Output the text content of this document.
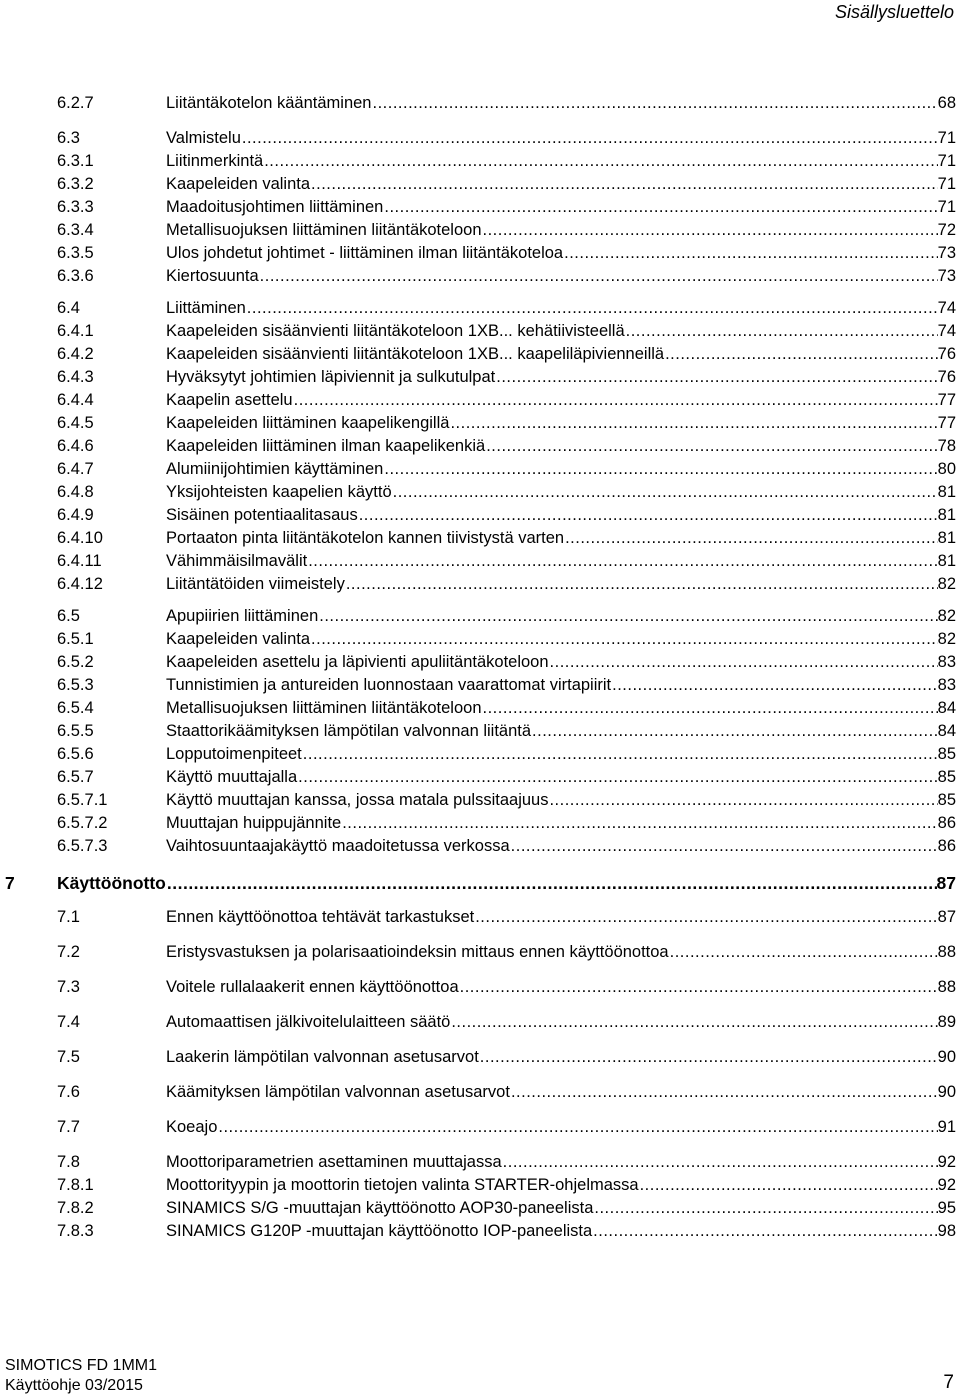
Sisällysluettelo
6.2.7	Liitäntäkotelon kääntäminen .....	68
6.3	Valmistelu .....	71
6.3.1	Liitinmerkintä .....	71
6.3.2	Kaapeleiden valinta .....	71
6.3.3	Maadoitusjohtimen liittäminen .....	71
6.3.4	Metallisuojuksen liittäminen liitäntäkoteloon .....	72
6.3.5	Ulos johdetut johtimet - liittäminen ilman liitäntäkoteloa .....	73
6.3.6	Kiertosuunta .....	73
6.4	Liittäminen .....	74
6.4.1	Kaapeleiden sisäänvienti liitäntäkoteloon 1XB... kehätiivisteellä .....	74
6.4.2	Kaapeleiden sisäänvienti liitäntäkoteloon 1XB... kaapeliläpivienneillä .....	76
6.4.3	Hyväksytyt johtimien läpiviennit ja sulkutulpat .....	76
6.4.4	Kaapelin asettelu .....	77
6.4.5	Kaapeleiden liittäminen kaapelikengillä .....	77
6.4.6	Kaapeleiden liittäminen ilman kaapelikenkiä .....	78
6.4.7	Alumiinijohtimien käyttäminen .....	80
6.4.8	Yksijohteisten kaapelien käyttö .....	81
6.4.9	Sisäinen potentiaalitasaus .....	81
6.4.10	Portaaton pinta liitäntäkotelon kannen tiivistystä varten .....	81
6.4.11	Vähimmäisilmavälit .....	81
6.4.12	Liitäntätöiden viimeistely .....	82
6.5	Apupiirien liittäminen .....	82
6.5.1	Kaapeleiden valinta .....	82
6.5.2	Kaapeleiden asettelu ja läpivienti apuliitäntäkoteloon .....	83
6.5.3	Tunnistimien ja antureiden luonnostaan vaarattomat virtapiirit .....	83
6.5.4	Metallisuojuksen liittäminen liitäntäkoteloon .....	84
6.5.5	Staattorikäämityksen lämpötilan valvonnan liitäntä .....	84
6.5.6	Lopputoimenpiteet .....	85
6.5.7	Käyttö muuttajalla .....	85
6.5.7.1	Käyttö muuttajan kanssa, jossa matala pulssitaajuus .....	85
6.5.7.2	Muuttajan huippujännite .....	86
6.5.7.3	Vaihtosuuntaajakäyttö maadoitetussa verkossa .....	86
7 Käyttöönotto .....	87
7.1	Ennen käyttöönottoa tehtävät tarkastukset .....	87
7.2	Eristysvastuksen ja polarisaatioindeksin mittaus ennen käyttöönottoa .....	88
7.3	Voitele rullalaakerit ennen käyttöönottoa .....	88
7.4	Automaattisen jälkivoitelulaitteen säätö .....	89
7.5	Laakerin lämpötilan valvonnan asetusarvot .....	90
7.6	Käämityksen lämpötilan valvonnan asetusarvot .....	90
7.7	Koeajo .....	91
7.8	Moottoriparametrien asettaminen muuttajassa .....	92
7.8.1	Moottorityypin ja moottorin tietojen valinta STARTER-ohjelmassa .....	92
7.8.2	SINAMICS S/G -muuttajan käyttöönotto AOP30-paneelista .....	95
7.8.3	SINAMICS G120P -muuttajan käyttöönotto IOP-paneelista .....	98
SIMOTICS FD 1MM1
Käyttöohje 03/2015	7
